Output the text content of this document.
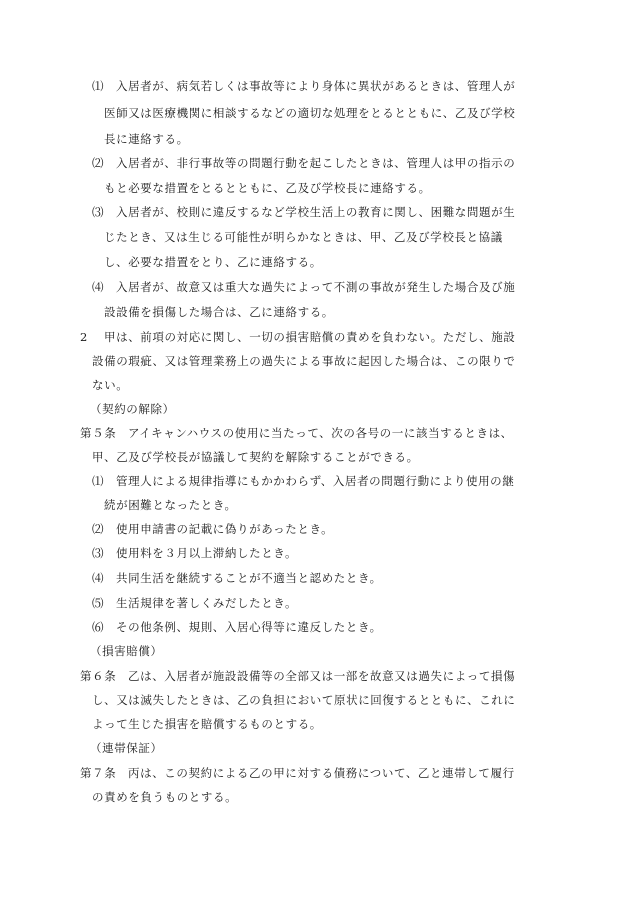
⑴ 入居者が、病気若しくは事故等により身体に異状があるときは、管理人が
医師又は医療機関に相談するなどの適切な処理をとるとともに、乙及び学校
長に連絡する。
⑵ 入居者が、非行事故等の問題行動を起こしたときは、管理人は甲の指示の
もと必要な措置をとるとともに、乙及び学校長に連絡する。
⑶ 入居者が、校則に違反するなど学校生活上の教育に関し、困難な問題が生
じたとき、又は生じる可能性が明らかなときは、甲、乙及び学校長と協議
し、必要な措置をとり、乙に連絡する。
⑷ 入居者が、故意又は重大な過失によって不測の事故が発生した場合及び施
設設備を損傷した場合は、乙に連絡する。
2 甲は、前項の対応に関し、一切の損害賠償の責めを負わない。ただし、施設
設備の瑕疵、又は管理業務上の過失による事故に起因した場合は、この限りで
ない。
（契約の解除）
第５条 アイキャンハウスの使用に当たって、次の各号の一に該当するときは、
甲、乙及び学校長が協議して契約を解除することができる。
⑴ 管理人による規律指導にもかかわらず、入居者の問題行動により使用の継
続が困難となったとき。
⑵ 使用申請書の記載に偽りがあったとき。
⑶ 使用料を３月以上滞納したとき。
⑷ 共同生活を継続することが不適当と認めたとき。
⑸ 生活規律を著しくみだしたとき。
⑹ その他条例、規則、入居心得等に違反したとき。
（損害賠償）
第６条 乙は、入居者が施設設備等の全部又は一部を故意又は過失によって損傷
し、又は滅失したときは、乙の負担において原状に回復するとともに、これに
よって生じた損害を賠償するものとする。
（連帯保証）
第７条 丙は、この契約による乙の甲に対する債務について、乙と連帯して履行
の責めを負うものとする。
